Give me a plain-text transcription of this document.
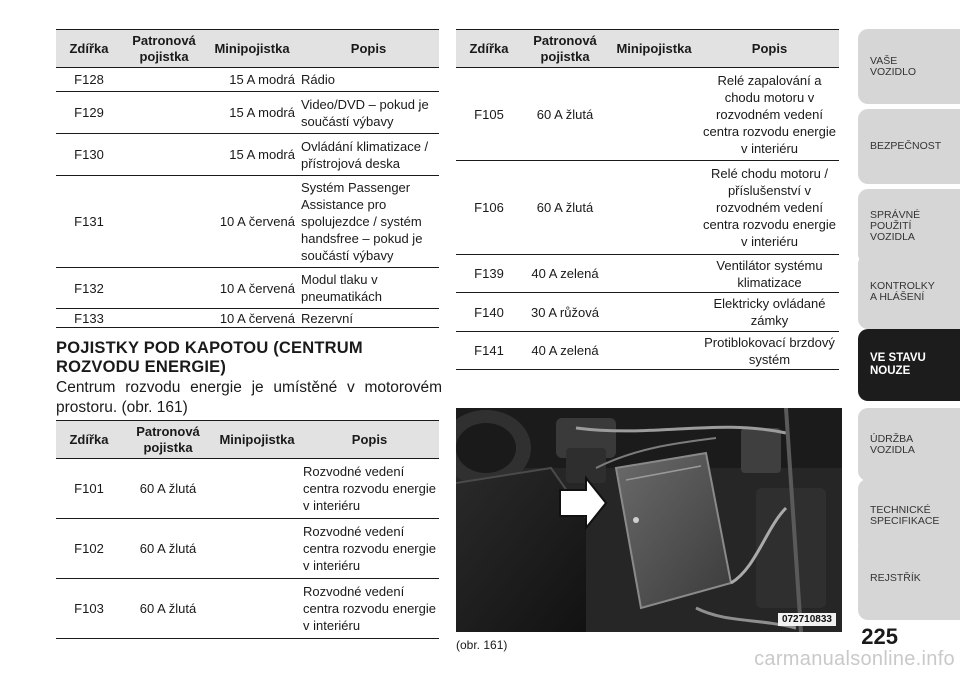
Zdířka	Patronová pojistka	Minipojistka	Popis
F128		15 A modrá	Rádio
F129		15 A modrá	Video/DVD – pokud je součástí výbavy
F130		15 A modrá	Ovládání klimatizace / přístrojová deska
F131		10 A červená	Systém Passenger Assistance pro spolujezdce / systém handsfree – pokud je součástí výbavy
F132		10 A červená	Modul tlaku v pneumatikách
F133		10 A červená	Rezervní
POJISTKY POD KAPOTOU (CENTRUM ROZVODU ENERGIE)
Centrum rozvodu energie je umístěné v motorovém prostoru. (obr. 161)
Zdířka	Patronová pojistka	Minipojistka	Popis
F101	60 A žlutá		Rozvodné vedení centra rozvodu energie v interiéru
F102	60 A žlutá		Rozvodné vedení centra rozvodu energie v interiéru
F103	60 A žlutá		Rozvodné vedení centra rozvodu energie v interiéru
Zdířka	Patronová pojistka	Minipojistka	Popis
F105	60 A žlutá		Relé zapalování a chodu motoru v rozvodném vedení centra rozvodu energie v interiéru
F106	60 A žlutá		Relé chodu motoru / příslušenství v rozvodném vedení centra rozvodu energie v interiéru
F139	40 A zelená		Ventilátor systému klimatizace
F140	30 A růžová		Elektricky ovládané zámky
F141	40 A zelená		Protiblokovací brzdový systém
072710833
(obr. 161)
VAŠE
VOZIDLO
BEZPEČNOST
SPRÁVNÉ
POUŽITÍ
VOZIDLA
KONTROLKY
A HLÁŠENÍ
VE STAVU
NOUZE
ÚDRŽBA
VOZIDLA
TECHNICKÉ
SPECIFIKACE
REJSTŘÍK
225
carmanualsonline.info
